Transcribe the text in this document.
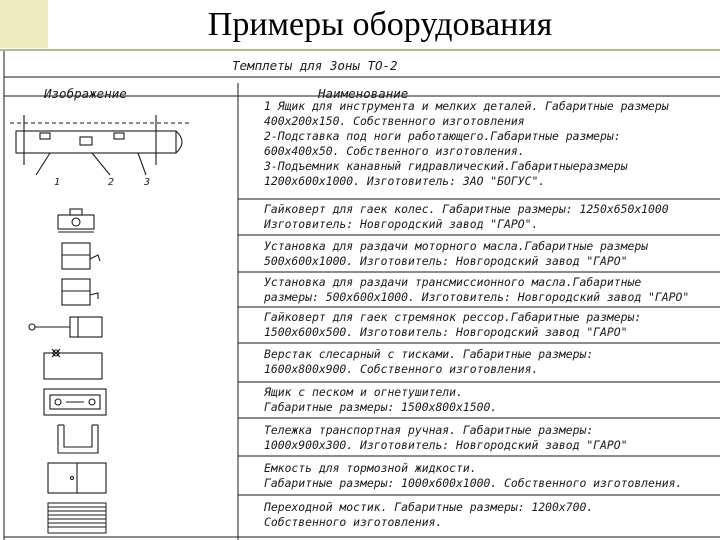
Примеры оборудования
Темплеты для Зоны ТО-2
Изображение	Наименование
1	2	3
1 Ящик для инструмента и мелких деталей. Габаритные размеры
400х200х150. Собственного изготовления
2-Подставка под ноги работающего.Габаритные размеры:
600х400х50. Собственного изготовления.
3-Подъемник канавный гидравлический.Габаритныеразмеры
1200х600х1000. Изготовитель: ЗАО "БОГУС".
Гайковерт для гаек колес. Габаритные размеры: 1250х650х1000
Изготовитель: Новгородский завод "ГАРО".
Установка для раздачи моторного масла.Габаритные размеры
500х600х1000. Изготовитель: Новгородский завод "ГАРО"
Установка для раздачи трансмиссионного масла.Габаритные
размеры: 500х600х1000. Изготовитель: Новгородский завод "ГАРО"
Гайковерт для гаек стремянок рессор.Габаритные размеры:
1500х600х500. Изготовитель: Новгородский завод "ГАРО"
Верстак слесарный с тисками. Габаритные размеры:
1600х800х900. Собственного изготовления.
Ящик с песком и огнетушители.
Габаритные размеры: 1500х800х1500.
Тележка транспортная ручная. Габаритные размеры:
1000х900х300. Изготовитель: Новгородский завод "ГАРО"
Емкость для тормозной жидкости.
Габаритные размеры: 1000х600х1000. Собственного изготовления.
Переходной мостик. Габаритные размеры: 1200х700.
Собственного изготовления.
